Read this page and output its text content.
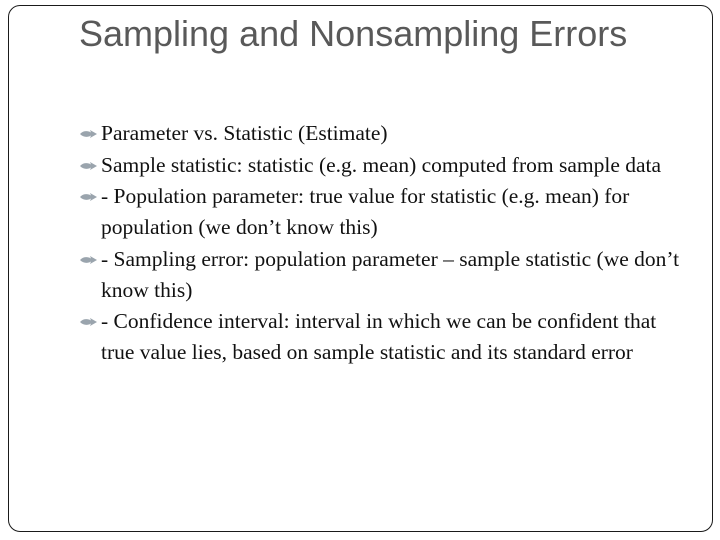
Sampling and Nonsampling Errors
Parameter vs. Statistic (Estimate)
Sample statistic: statistic (e.g. mean) computed from sample data
- Population parameter: true value for statistic (e.g. mean) for population (we don’t know this)
- Sampling error: population parameter – sample statistic (we don’t know this)
- Confidence interval: interval in which we can be confident that true value lies, based on sample statistic and its standard error
